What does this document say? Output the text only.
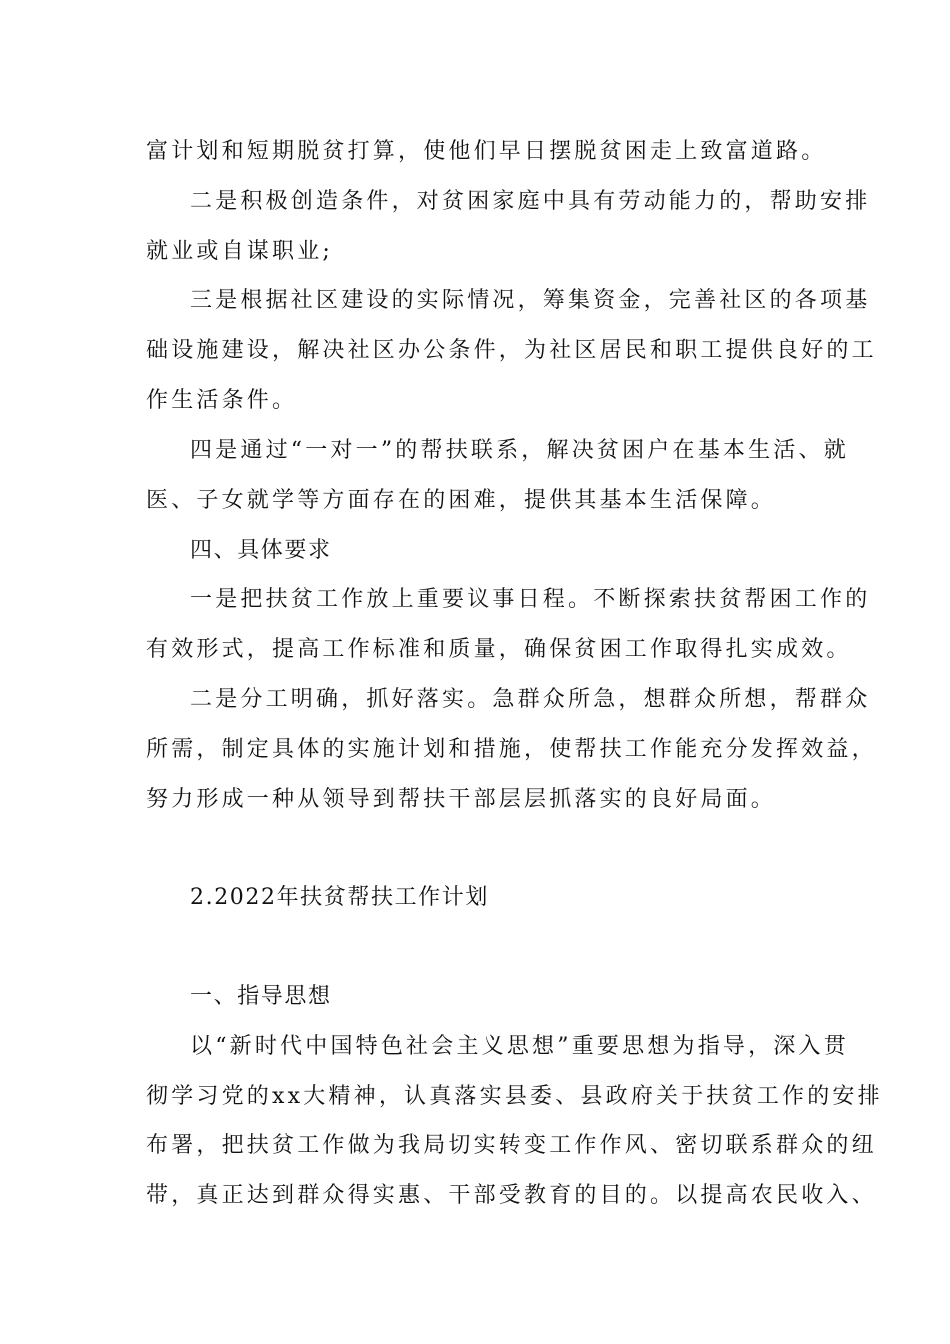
富计划和短期脱贫打算，使他们早日摆脱贫困走上致富道路。
二是积极创造条件，对贫困家庭中具有劳动能力的，帮助安排
就业或自谋职业;
三是根据社区建设的实际情况，筹集资金，完善社区的各项基
础设施建设，解决社区办公条件，为社区居民和职工提供良好的工
作生活条件。
四是通过“一对一”的帮扶联系，解决贫困户在基本生活、就
医、子女就学等方面存在的困难，提供其基本生活保障。
四、具体要求
一是把扶贫工作放上重要议事日程。不断探索扶贫帮困工作的
有效形式，提高工作标准和质量，确保贫困工作取得扎实成效。
二是分工明确，抓好落实。急群众所急，想群众所想，帮群众
所需，制定具体的实施计划和措施，使帮扶工作能充分发挥效益，
努力形成一种从领导到帮扶干部层层抓落实的良好局面。
2.2022年扶贫帮扶工作计划
一、指导思想
以“新时代中国特色社会主义思想”重要思想为指导，深入贯
彻学习党的xx大精神，认真落实县委、县政府关于扶贫工作的安排
布署，把扶贫工作做为我局切实转变工作作风、密切联系群众的纽
带，真正达到群众得实惠、干部受教育的目的。以提高农民收入、
